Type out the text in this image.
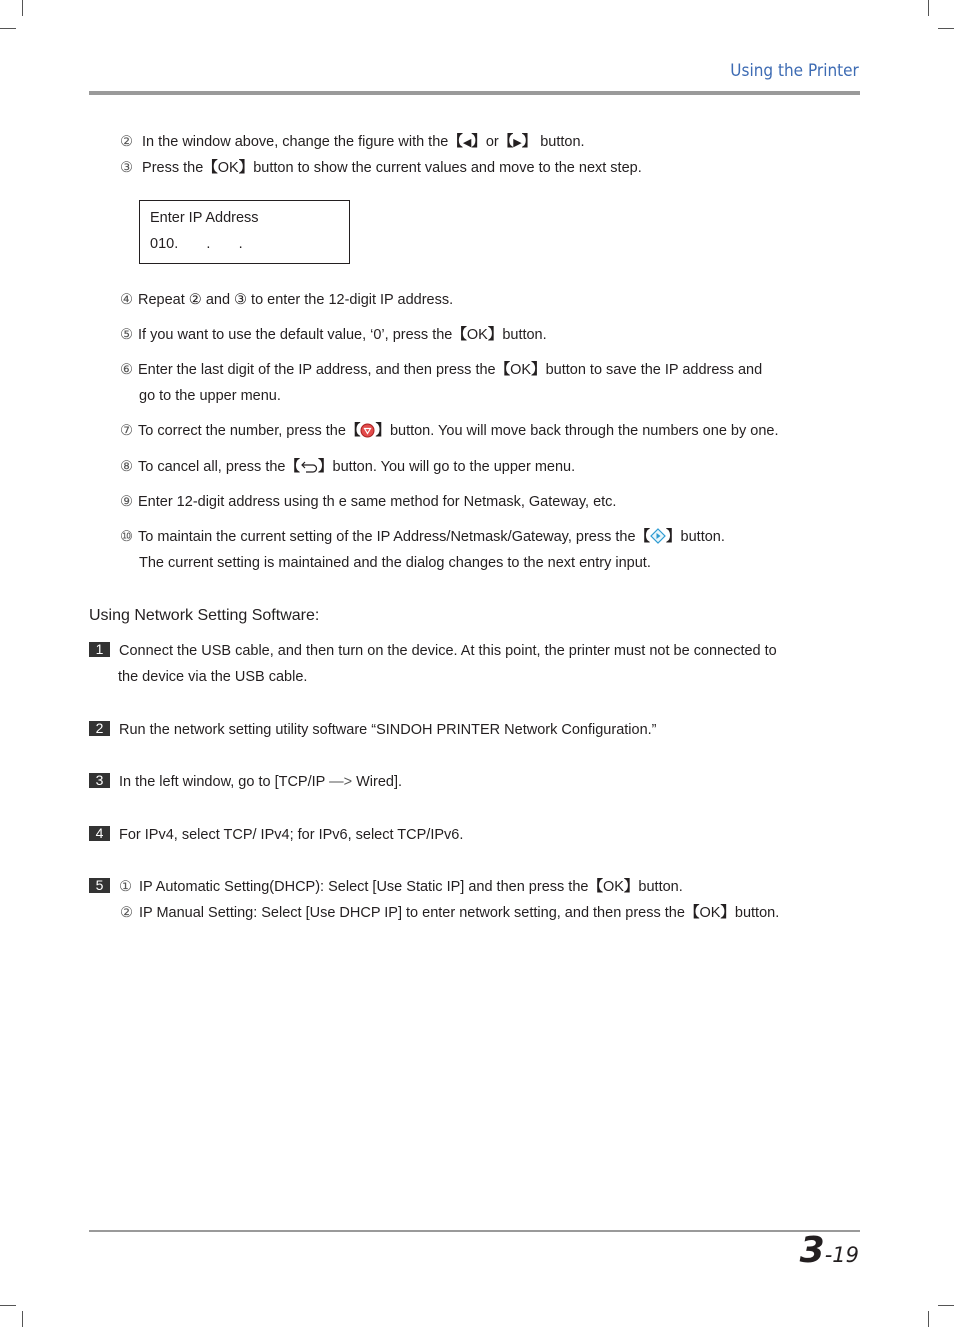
Using the Printer
② In the window above, change the figure with the【◀】or【▶】 button.
③ Press the【OK】button to show the current values and move to the next step.
Enter IP Address
010.       .       .
④ Repeat ② and ③ to enter the 12-digit IP address.
⑤ If you want to use the default value, ‘0’, press the【OK】button.
⑥ Enter the last digit of the IP address, and then press the【OK】button to save the IP address and
go to the upper menu.
⑦ To correct the number, press the【 】button. You will move back through the numbers one by one.
⑧ To cancel all, press the【 】button. You will go to the upper menu.
⑨ Enter 12-digit address using th e same method for Netmask, Gateway, etc.
⑩ To maintain the current setting of the IP Address/Netmask/Gateway, press the【 】button.
The current setting is maintained and the dialog changes to the next entry input.
Using Network Setting Software:
1 Connect the USB cable, and then turn on the device. At this point, the printer must not be connected to
the device via the USB cable.
2 Run the network setting utility software “SINDOH PRINTER Network Configuration.”
3 In the left window, go to [TCP/IP —> Wired].
4 For IPv4, select TCP/ IPv4; for IPv6, select TCP/IPv6.
5 ① IP Automatic Setting(DHCP): Select [Use Static IP] and then press the【OK】button.
② IP Manual Setting: Select [Use DHCP IP] to enter network setting, and then press the【OK】button.
3-19
